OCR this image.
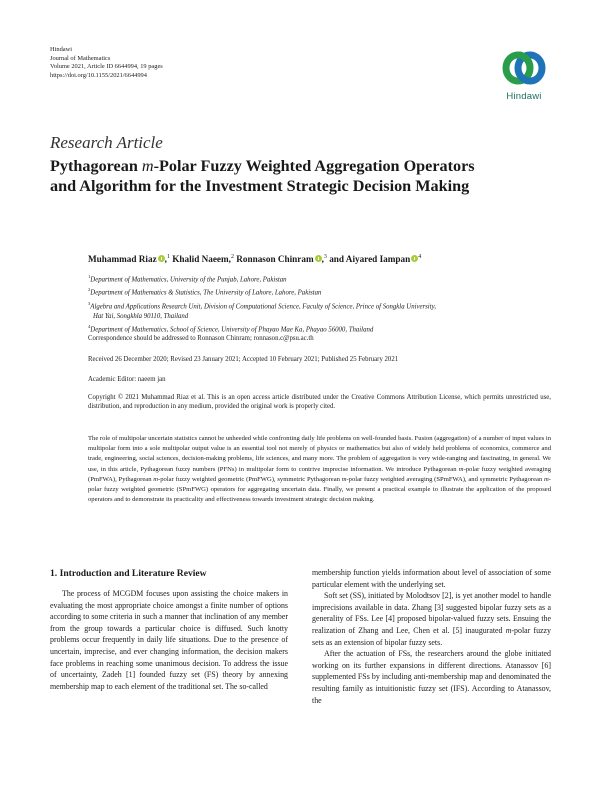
Hindawi
Journal of Mathematics
Volume 2021, Article ID 6644994, 19 pages
https://doi.org/10.1155/2021/6644994
Hindawi
Research Article
Pythagorean m-Polar Fuzzy Weighted Aggregation Operators and Algorithm for the Investment Strategic Decision Making
Muhammad Riaz ,$^1$ Khalid Naeem,$^2$ Ronnason Chinram ,$^3$ and Aiyared Iampan $^4$
$^1$Department of Mathematics, University of the Punjab, Lahore, Pakistan
$^2$Department of Mathematics & Statistics, The University of Lahore, Lahore, Pakistan
$^3$Algebra and Applications Research Unit, Division of Computational Science, Faculty of Science, Prince of Songkla University,
Hat Yai, Songkhla 90110, Thailand
$^4$Department of Mathematics, School of Science, University of Phayao Mae Ka, Phayao 56000, Thailand
Correspondence should be addressed to Ronnason Chinram; ronnason.c@psu.ac.th
Received 26 December 2020; Revised 23 January 2021; Accepted 10 February 2021; Published 25 February 2021
Academic Editor: naeem jan
Copyright © 2021 Muhammad Riaz et al. This is an open access article distributed under the Creative Commons Attribution License, which permits unrestricted use, distribution, and reproduction in any medium, provided the original work is properly cited.
The role of multipolar uncertain statistics cannot be unheeded while confronting daily life problems on well-founded basis. Fusion (aggregation) of a number of input values in multipolar form into a sole multipolar output value is an essential tool not merely of physics or mathematics but also of widely held problems of economics, commerce and trade, engineering, social sciences, decision-making problems, life sciences, and many more. The problem of aggregation is very wide-ranging and fascinating, in general. We use, in this article, Pythagorean fuzzy numbers (PFNs) in multipolar form to contrive imprecise information. We introduce Pythagorean m-polar fuzzy weighted averaging (PmFWA), Pythagorean m-polar fuzzy weighted geometric (PmFWG), symmetric Pythagorean m-polar fuzzy weighted averaging (SPmFWA), and symmetric Pythagorean m-polar fuzzy weighted geometric (SPmFWG) operators for aggregating uncertain data. Finally, we present a practical example to illustrate the application of the proposed operators and to demonstrate its practicality and effectiveness towards investment strategic decision making.
1. Introduction and Literature Review

The process of MCGDM focuses upon assisting the choice makers in evaluating the most appropriate choice amongst a finite number of options according to some criteria in such a manner that inclination of any member from the group towards a particular choice is diffused. Such knotty problems occur frequently in daily life situations. Due to the presence of uncertain, imprecise, and ever changing information, the decision makers face problems in reaching some unanimous decision. To address the issue of uncertainty, Zadeh [1] founded fuzzy set (FS) theory by annexing membership map to each element of the traditional set. The so-called

membership function yields information about level of association of some particular element with the underlying set.

Soft set (SS), initiated by Molodtsov [2], is yet another model to handle imprecisions available in data. Zhang [3] suggested bipolar fuzzy sets as a generality of FSs. Lee [4] proposed bipolar-valued fuzzy sets. Ensuing the realization of Zhang and Lee, Chen et al. [5] inaugurated m-polar fuzzy sets as an extension of bipolar fuzzy sets.

After the actuation of FSs, the researchers around the globe initiated working on its further expansions in different directions. Atanassov [6] supplemented FSs by including anti-membership map and denominated the resulting family as intuitionistic fuzzy set (IFS). According to Atanassov, the
